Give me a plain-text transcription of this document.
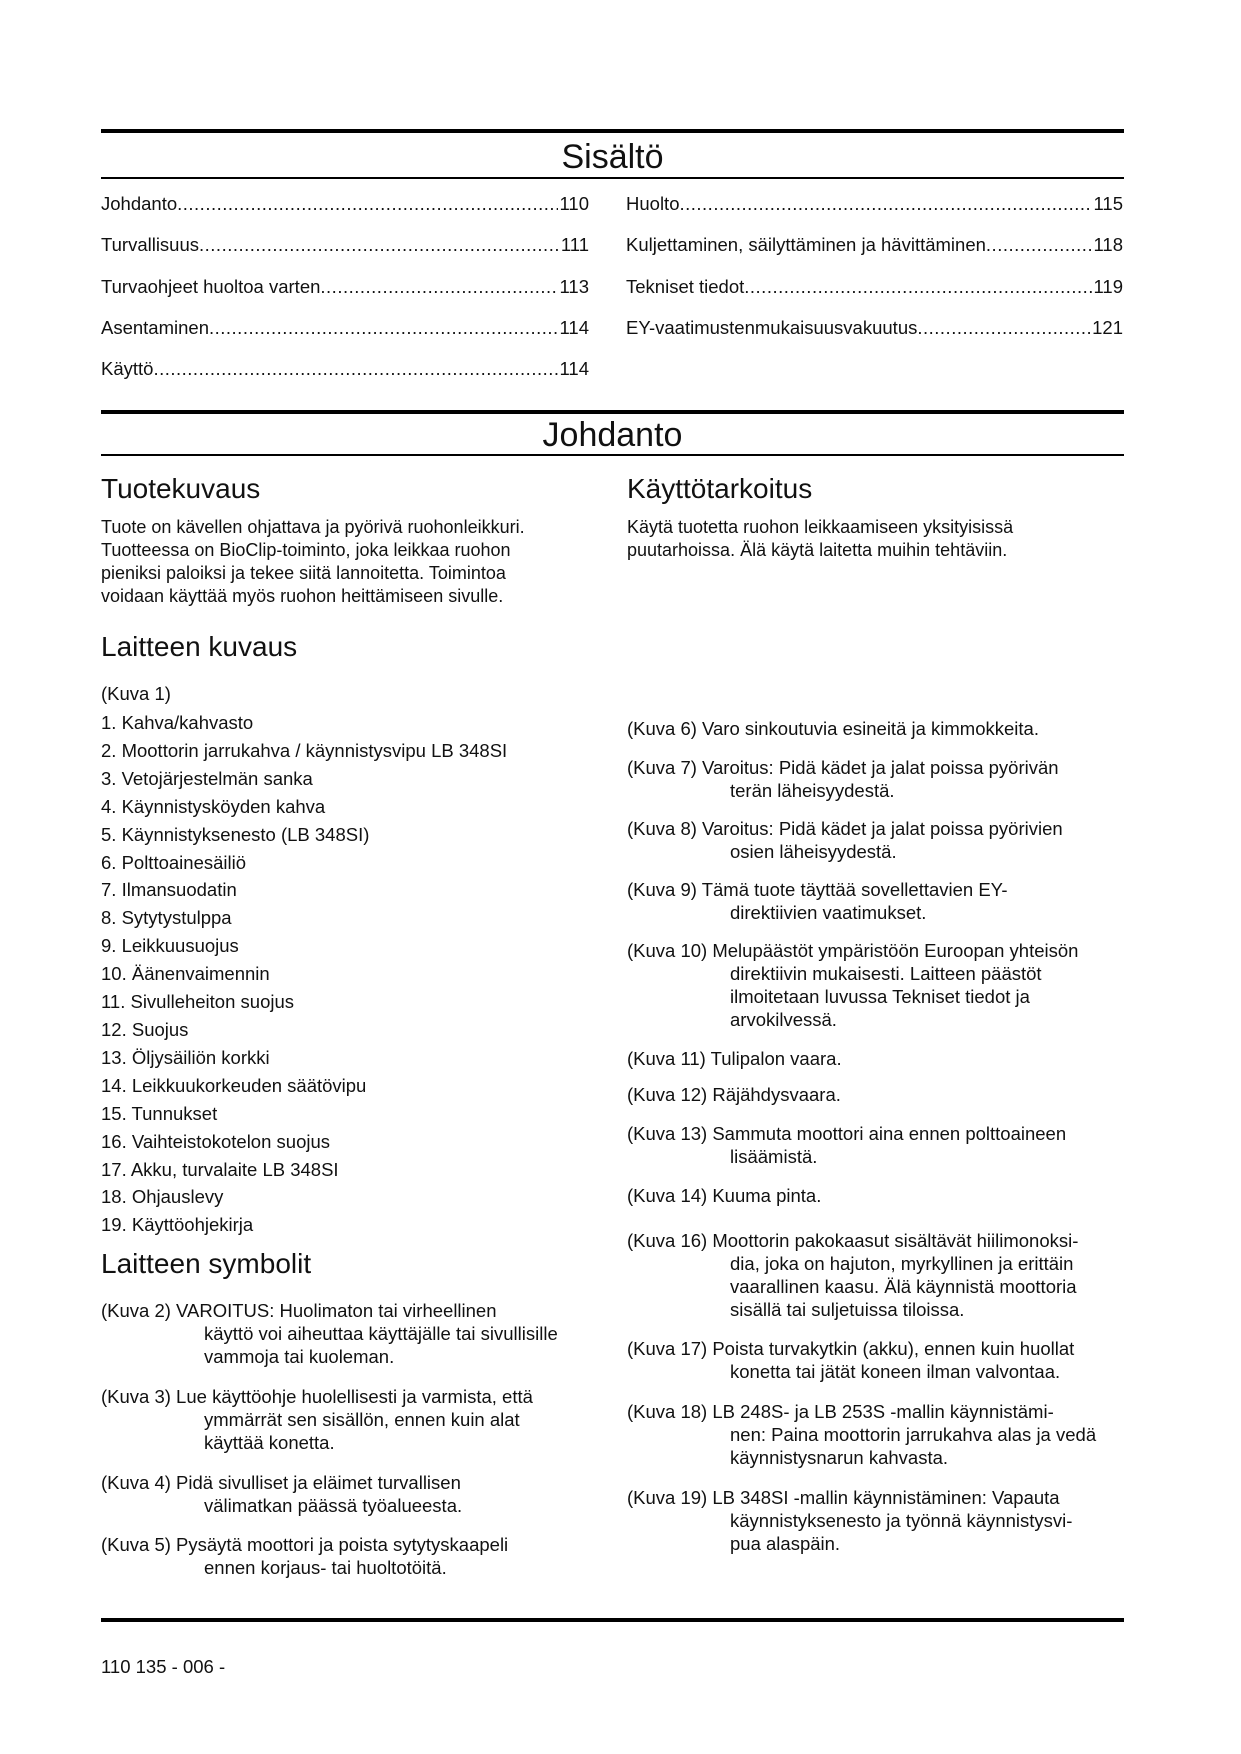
Sisältö
Johdanto .....	110
Turvallisuus .....	111
Turvaohjeet huoltoa varten .....	113
Asentaminen .....	114
Käyttö .....	114
Huolto .....	115
Kuljettaminen, säilyttäminen ja hävittäminen .....	118
Tekniset tiedot .....	119
EY-vaatimustenmukaisuusvakuutus .....	121
Johdanto
Tuotekuvaus
Tuote on kävellen ohjattava ja pyörivä ruohonleikkuri.
Tuotteessa on BioClip-toiminto, joka leikkaa ruohon
pieniksi paloiksi ja tekee siitä lannoitetta. Toimintoa
voidaan käyttää myös ruohon heittämiseen sivulle.
Käyttötarkoitus
Käytä tuotetta ruohon leikkaamiseen yksityisissä
puutarhoissa. Älä käytä laitetta muihin tehtäviin.
Laitteen kuvaus
(Kuva 1)
1. Kahva/kahvasto
2. Moottorin jarrukahva / käynnistysvipu LB 348SI
3. Vetojärjestelmän sanka
4. Käynnistysköyden kahva
5. Käynnistyksenesto (LB 348SI)
6. Polttoainesäiliö
7. Ilmansuodatin
8. Sytytystulppa
9. Leikkuusuojus
10. Äänenvaimennin
11. Sivulleheiton suojus
12. Suojus
13. Öljysäiliön korkki
14. Leikkuukorkeuden säätövipu
15. Tunnukset
16. Vaihteistokotelon suojus
17. Akku, turvalaite LB 348SI
18. Ohjauslevy
19. Käyttöohjekirja
Laitteen symbolit
(Kuva 2) VAROITUS: Huolimaton tai virheellinen
käyttö voi aiheuttaa käyttäjälle tai sivullisille
vammoja tai kuoleman.
(Kuva 3) Lue käyttöohje huolellisesti ja varmista, että
ymmärrät sen sisällön, ennen kuin alat
käyttää konetta.
(Kuva 4) Pidä sivulliset ja eläimet turvallisen
välimatkan päässä työalueesta.
(Kuva 5) Pysäytä moottori ja poista sytytyskaapeli
ennen korjaus- tai huoltotöitä.
(Kuva 6) Varo sinkoutuvia esineitä ja kimmokkeita.
(Kuva 7) Varoitus: Pidä kädet ja jalat poissa pyörivän
terän läheisyydestä.
(Kuva 8) Varoitus: Pidä kädet ja jalat poissa pyörivien
osien läheisyydestä.
(Kuva 9) Tämä tuote täyttää sovellettavien EY-
direktiivien vaatimukset.
(Kuva 10) Melupäästöt ympäristöön Euroopan yhteisön
direktiivin mukaisesti. Laitteen päästöt
ilmoitetaan luvussa Tekniset tiedot ja
arvokilvessä.
(Kuva 11) Tulipalon vaara.
(Kuva 12) Räjähdysvaara.
(Kuva 13) Sammuta moottori aina ennen polttoaineen
lisäämistä.
(Kuva 14) Kuuma pinta.
(Kuva 16) Moottorin pakokaasut sisältävät hiilimonoksi-
dia, joka on hajuton, myrkyllinen ja erittäin
vaarallinen kaasu. Älä käynnistä moottoria
sisällä tai suljetuissa tiloissa.
(Kuva 17) Poista turvakytkin (akku), ennen kuin huollat
konetta tai jätät koneen ilman valvontaa.
(Kuva 18) LB 248S- ja LB 253S -mallin käynnistämi-
nen: Paina moottorin jarrukahva alas ja vedä
käynnistysnarun kahvasta.
(Kuva 19) LB 348SI -mallin käynnistäminen: Vapauta
käynnistyksenesto ja työnnä käynnistysvi-
pua alaspäin.
110 135 - 006 -
